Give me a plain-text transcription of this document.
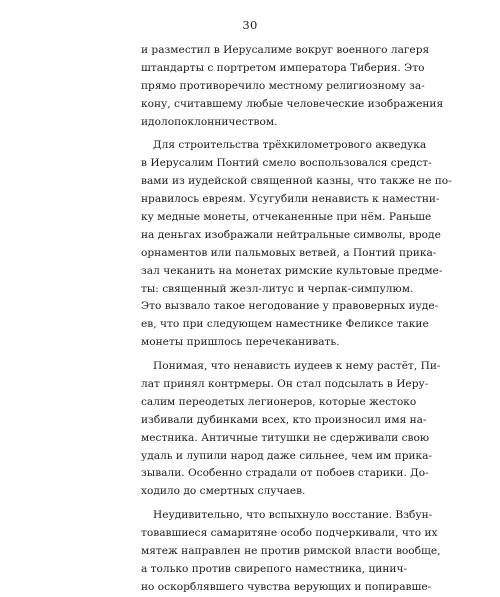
30
и разместил в Иерусалиме вокруг военного лагеря
штандарты с портретом императора Тиберия. Это
прямо противоречило местному религиозному за-
кону, считавшему любые человеческие изображения
идолопоклонничеством.
Для строительства трёхкилометрового акведука
в Иерусалим Понтий смело воспользовался средст-
вами из иудейской священной казны, что также не по-
нравилось евреям. Усугубили ненависть к наместни-
ку медные монеты, отчеканенные при нём. Раньше
на деньгах изображали нейтральные символы, вроде
орнаментов или пальмовых ветвей, а Понтий прика-
зал чеканить на монетах римские культовые предме-
ты: священный жезл-литус и черпак-симпулюм.
Это вызвало такое негодование у правоверных иуде-
ев, что при следующем наместнике Феликсе такие
монеты пришлось перечеканивать.
Понимая, что ненависть иудеев к нему растёт, Пи-
лат принял контрмеры. Он стал подсылать в Иеру-
салим переодетых легионеров, которые жестоко
избивали дубинками всех, кто произносил имя на-
местника. Античные титушки не сдерживали свою
удаль и лупили народ даже сильнее, чем им прика-
зывали. Особенно страдали от побоев старики. До-
ходило до смертных случаев.
Неудивительно, что вспыхнуло восстание. Взбун-
товавшиеся самаритяне особо подчеркивали, что их
мятеж направлен не против римской власти вообще,
а только против свирепого наместника, цинич-
но оскорблявшего чувства верующих и попиравше-
